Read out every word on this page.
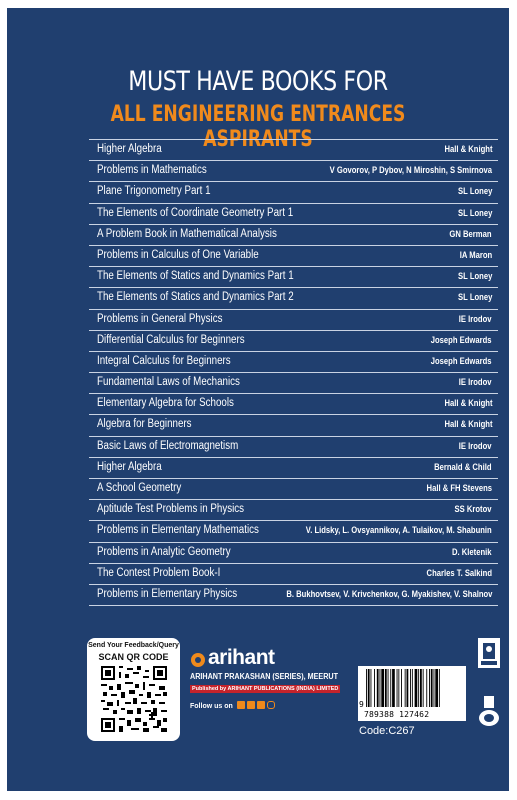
MUST HAVE BOOKS FOR
ALL ENGINEERING ENTRANCES ASPIRANTS
Higher Algebra	Hall & Knight
Problems in Mathematics	V Govorov, P Dybov, N Miroshin, S Smirnova
Plane Trigonometry Part 1	SL Loney
The Elements of Coordinate Geometry Part 1	SL Loney
A Problem Book in Mathematical Analysis	GN Berman
Problems in Calculus of One Variable	IA Maron
The Elements of Statics and Dynamics Part 1	SL Loney
The Elements of Statics and Dynamics Part 2	SL Loney
Problems in General Physics	IE Irodov
Differential Calculus for Beginners	Joseph Edwards
Integral Calculus for Beginners	Joseph Edwards
Fundamental Laws of Mechanics	IE Irodov
Elementary Algebra for Schools	Hall & Knight
Algebra for Beginners	Hall & Knight
Basic Laws of Electromagnetism	IE Irodov
Higher Algebra	Bernald & Child
A School Geometry	Hall & FH Stevens
Aptitude Test Problems in Physics	SS Krotov
Problems in Elementary Mathematics	V. Lidsky, L. Ovsyannikov, A. Tulaikov, M. Shabunin
Problems in Analytic Geometry	D. Kletenik
The Contest Problem Book-I	Charles T. Salkind
Problems in Elementary Physics	B. Bukhovtsev, V. Krivchenkov, G. Myakishev, V. Shalnov
Send Your Feedback/Query
SCAN QR CODE	arihant
ARIHANT PRAKASHAN (SERIES), MEERUT
Published by ARIHANT PUBLICATIONS (INDIA) LIMITED
Follow us on	9
789388 127462
Code:C267
